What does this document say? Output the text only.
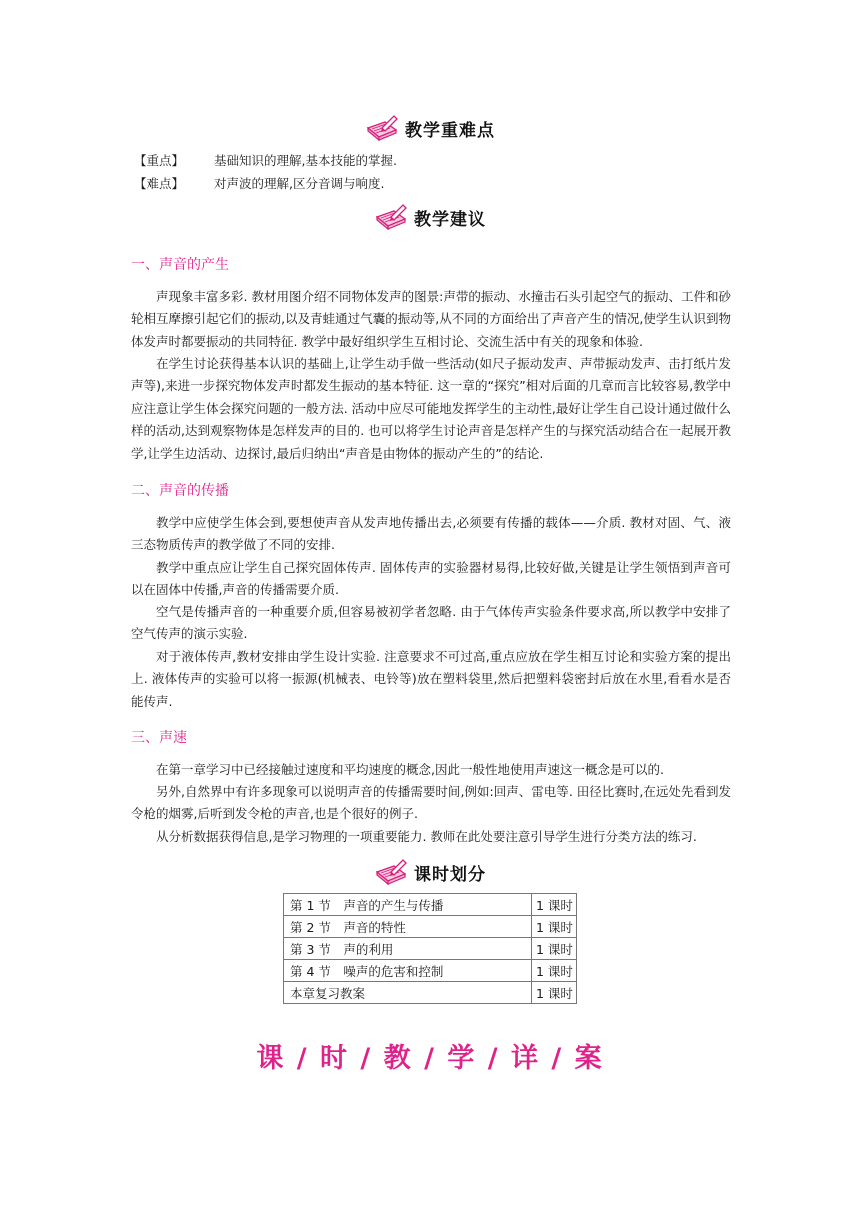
教学重难点
【重点】 基础知识的理解,基本技能的掌握.
【难点】 对声波的理解,区分音调与响度.
教学建议
一、声音的产生

声现象丰富多彩. 教材用图介绍不同物体发声的图景:声带的振动、水撞击石头引起空气的振动、工件和砂轮相互摩擦引起它们的振动,以及青蛙通过气囊的振动等,从不同的方面给出了声音产生的情况,使学生认识到物体发声时都要振动的共同特征. 教学中最好组织学生互相讨论、交流生活中有关的现象和体验.

在学生讨论获得基本认识的基础上,让学生动手做一些活动(如尺子振动发声、声带振动发声、击打纸片发声等),来进一步探究物体发声时都发生振动的基本特征. 这一章的“探究”相对后面的几章而言比较容易,教学中应注意让学生体会探究问题的一般方法. 活动中应尽可能地发挥学生的主动性,最好让学生自己设计通过做什么样的活动,达到观察物体是怎样发声的目的. 也可以将学生讨论声音是怎样产生的与探究活动结合在一起展开教学,让学生边活动、边探讨,最后归纳出“声音是由物体的振动产生的”的结论.

二、声音的传播

教学中应使学生体会到,要想使声音从发声地传播出去,必须要有传播的载体——介质. 教材对固、气、液三态物质传声的教学做了不同的安排.

教学中重点应让学生自己探究固体传声. 固体传声的实验器材易得,比较好做,关键是让学生领悟到声音可以在固体中传播,声音的传播需要介质.

空气是传播声音的一种重要介质,但容易被初学者忽略. 由于气体传声实验条件要求高,所以教学中安排了空气传声的演示实验.

对于液体传声,教材安排由学生设计实验. 注意要求不可过高,重点应放在学生相互讨论和实验方案的提出上. 液体传声的实验可以将一振源(机械表、电铃等)放在塑料袋里,然后把塑料袋密封后放在水里,看看水是否能传声.

三、声速

在第一章学习中已经接触过速度和平均速度的概念,因此一般性地使用声速这一概念是可以的.

另外,自然界中有许多现象可以说明声音的传播需要时间,例如:回声、雷电等. 田径比赛时,在远处先看到发令枪的烟雾,后听到发令枪的声音,也是个很好的例子.

从分析数据获得信息,是学习物理的一项重要能力. 教师在此处要注意引导学生进行分类方法的练习.

课时划分
第 1 节　声音的产生与传播	1 课时
第 2 节　声音的特性	1 课时
第 3 节　声的利用	1 课时
第 4 节　噪声的危害和控制	1 课时
本章复习教案	1 课时
课 / 时 / 教 / 学 / 详 / 案
